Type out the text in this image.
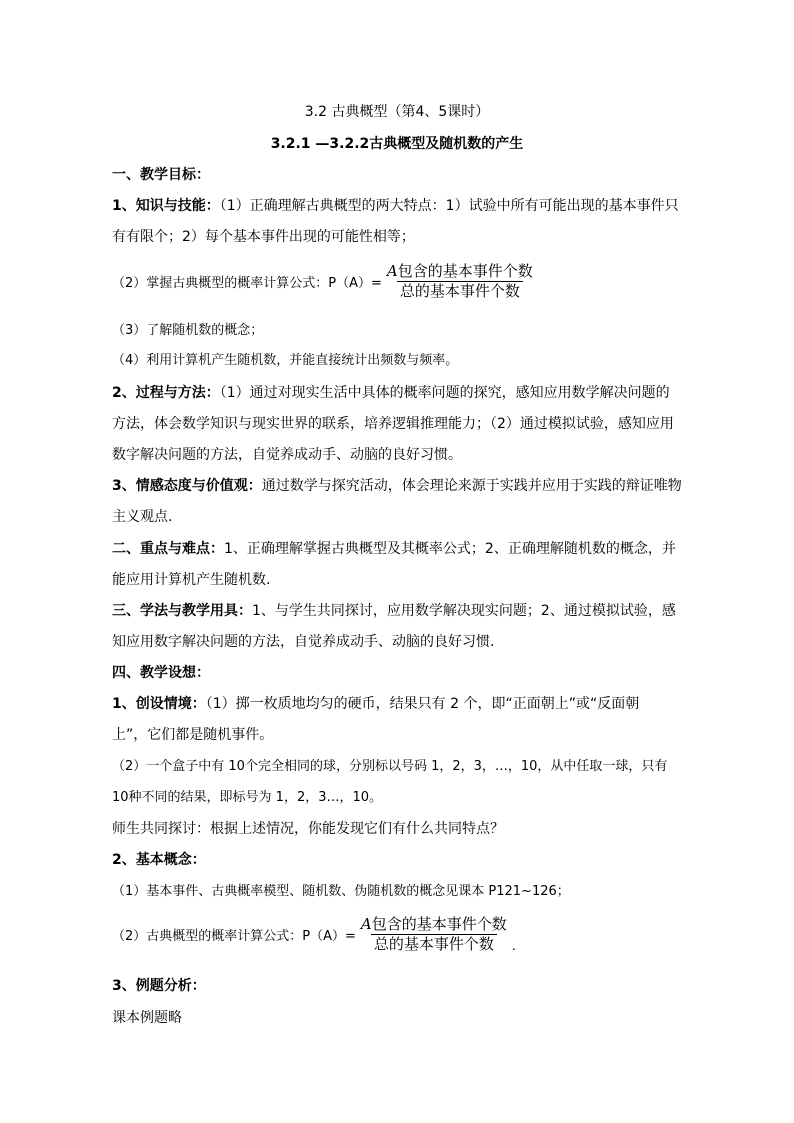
3.2 古典概型（第4、5课时）
3.2.1 —3.2.2古典概型及随机数的产生
一、教学目标：
1、知识与技能：（1）正确理解古典概型的两大特点：1）试验中所有可能出现的基本事件只
有有限个；2）每个基本事件出现的可能性相等；
（2）掌握古典概型的概率计算公式：$P(A)= \frac{\text{A包含的基本事件个数}}{\text{总的基本事件个数}}$
（3）了解随机数的概念；
（4）利用计算机产生随机数，并能直接统计出频数与频率。
2、过程与方法：（1）通过对现实生活中具体的概率问题的探究，感知应用数学解决问题的
方法，体会数学知识与现实世界的联系，培养逻辑推理能力；（2）通过模拟试验，感知应用
数字解决问题的方法，自觉养成动手、动脑的良好习惯。
3、情感态度与价值观：通过数学与探究活动，体会理论来源于实践并应用于实践的辩证唯物
主义观点.
二、重点与难点：1、正确理解掌握古典概型及其概率公式；2、正确理解随机数的概念，并
能应用计算机产生随机数.
三、学法与教学用具：1、与学生共同探讨，应用数学解决现实问题；2、通过模拟试验，感
知应用数字解决问题的方法，自觉养成动手、动脑的良好习惯.
四、教学设想：
1、创设情境：（1）掷一枚质地均匀的硬币，结果只有 2 个，即“正面朝上”或“反面朝
上”，它们都是随机事件。
（2）一个盒子中有 10个完全相同的球，分别标以号码 1，2，3，…，10，从中任取一球，只有
10种不同的结果，即标号为 1，2，3…，10。
师生共同探讨：根据上述情况，你能发现它们有什么共同特点？
2、基本概念：
（1）基本事件、古典概率模型、随机数、伪随机数的概念见课本 P121~126；
（2）古典概型的概率计算公式：$P(A)= \frac{\text{A包含的基本事件个数}}{\text{总的基本事件个数}}$ .
3、例题分析：
课本例题略
